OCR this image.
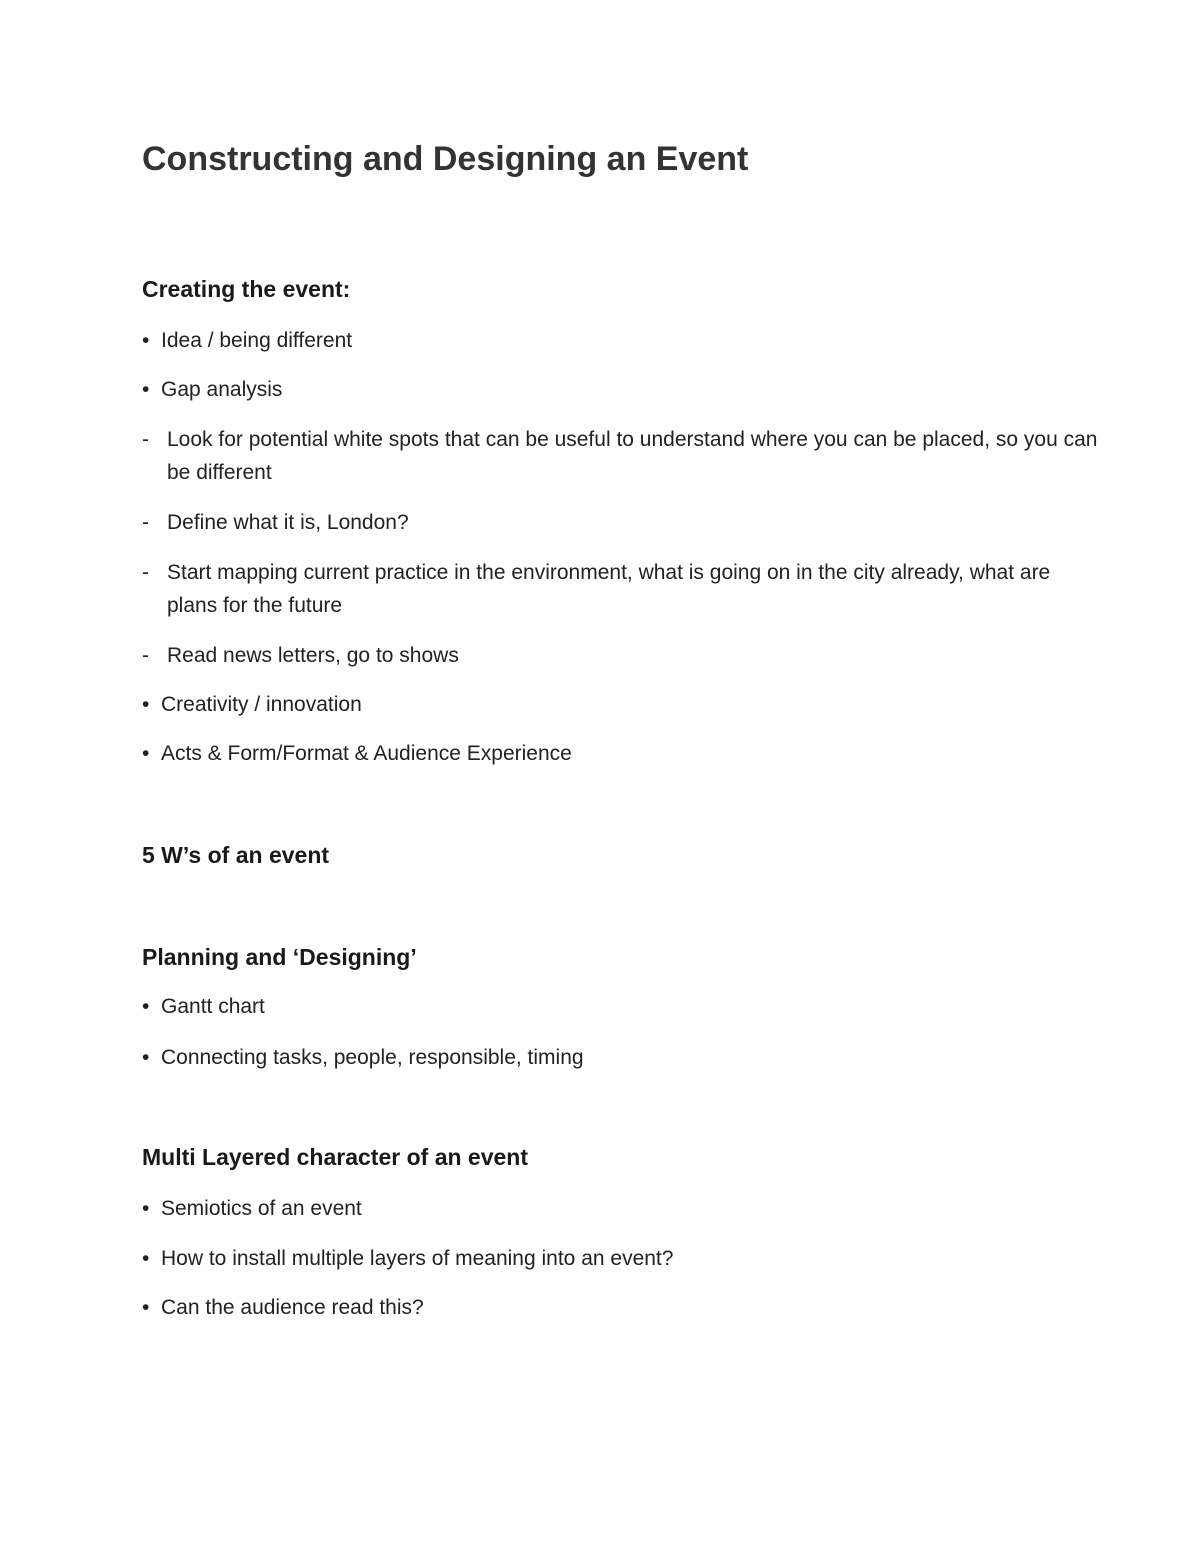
Constructing and Designing an Event
Creating the event:
• Idea / being different
• Gap analysis
- Look for potential white spots that can be useful to understand where you can be placed, so you can be different
- Define what it is, London?
- Start mapping current practice in the environment, what is going on in the city already, what are plans for the future
- Read news letters, go to shows
• Creativity / innovation
• Acts & Form/Format & Audience Experience
5 W’s of an event
Planning and ‘Designing’
• Gantt chart
• Connecting tasks, people, responsible, timing
Multi Layered character of an event
• Semiotics of an event
• How to install multiple layers of meaning into an event?
• Can the audience read this?
